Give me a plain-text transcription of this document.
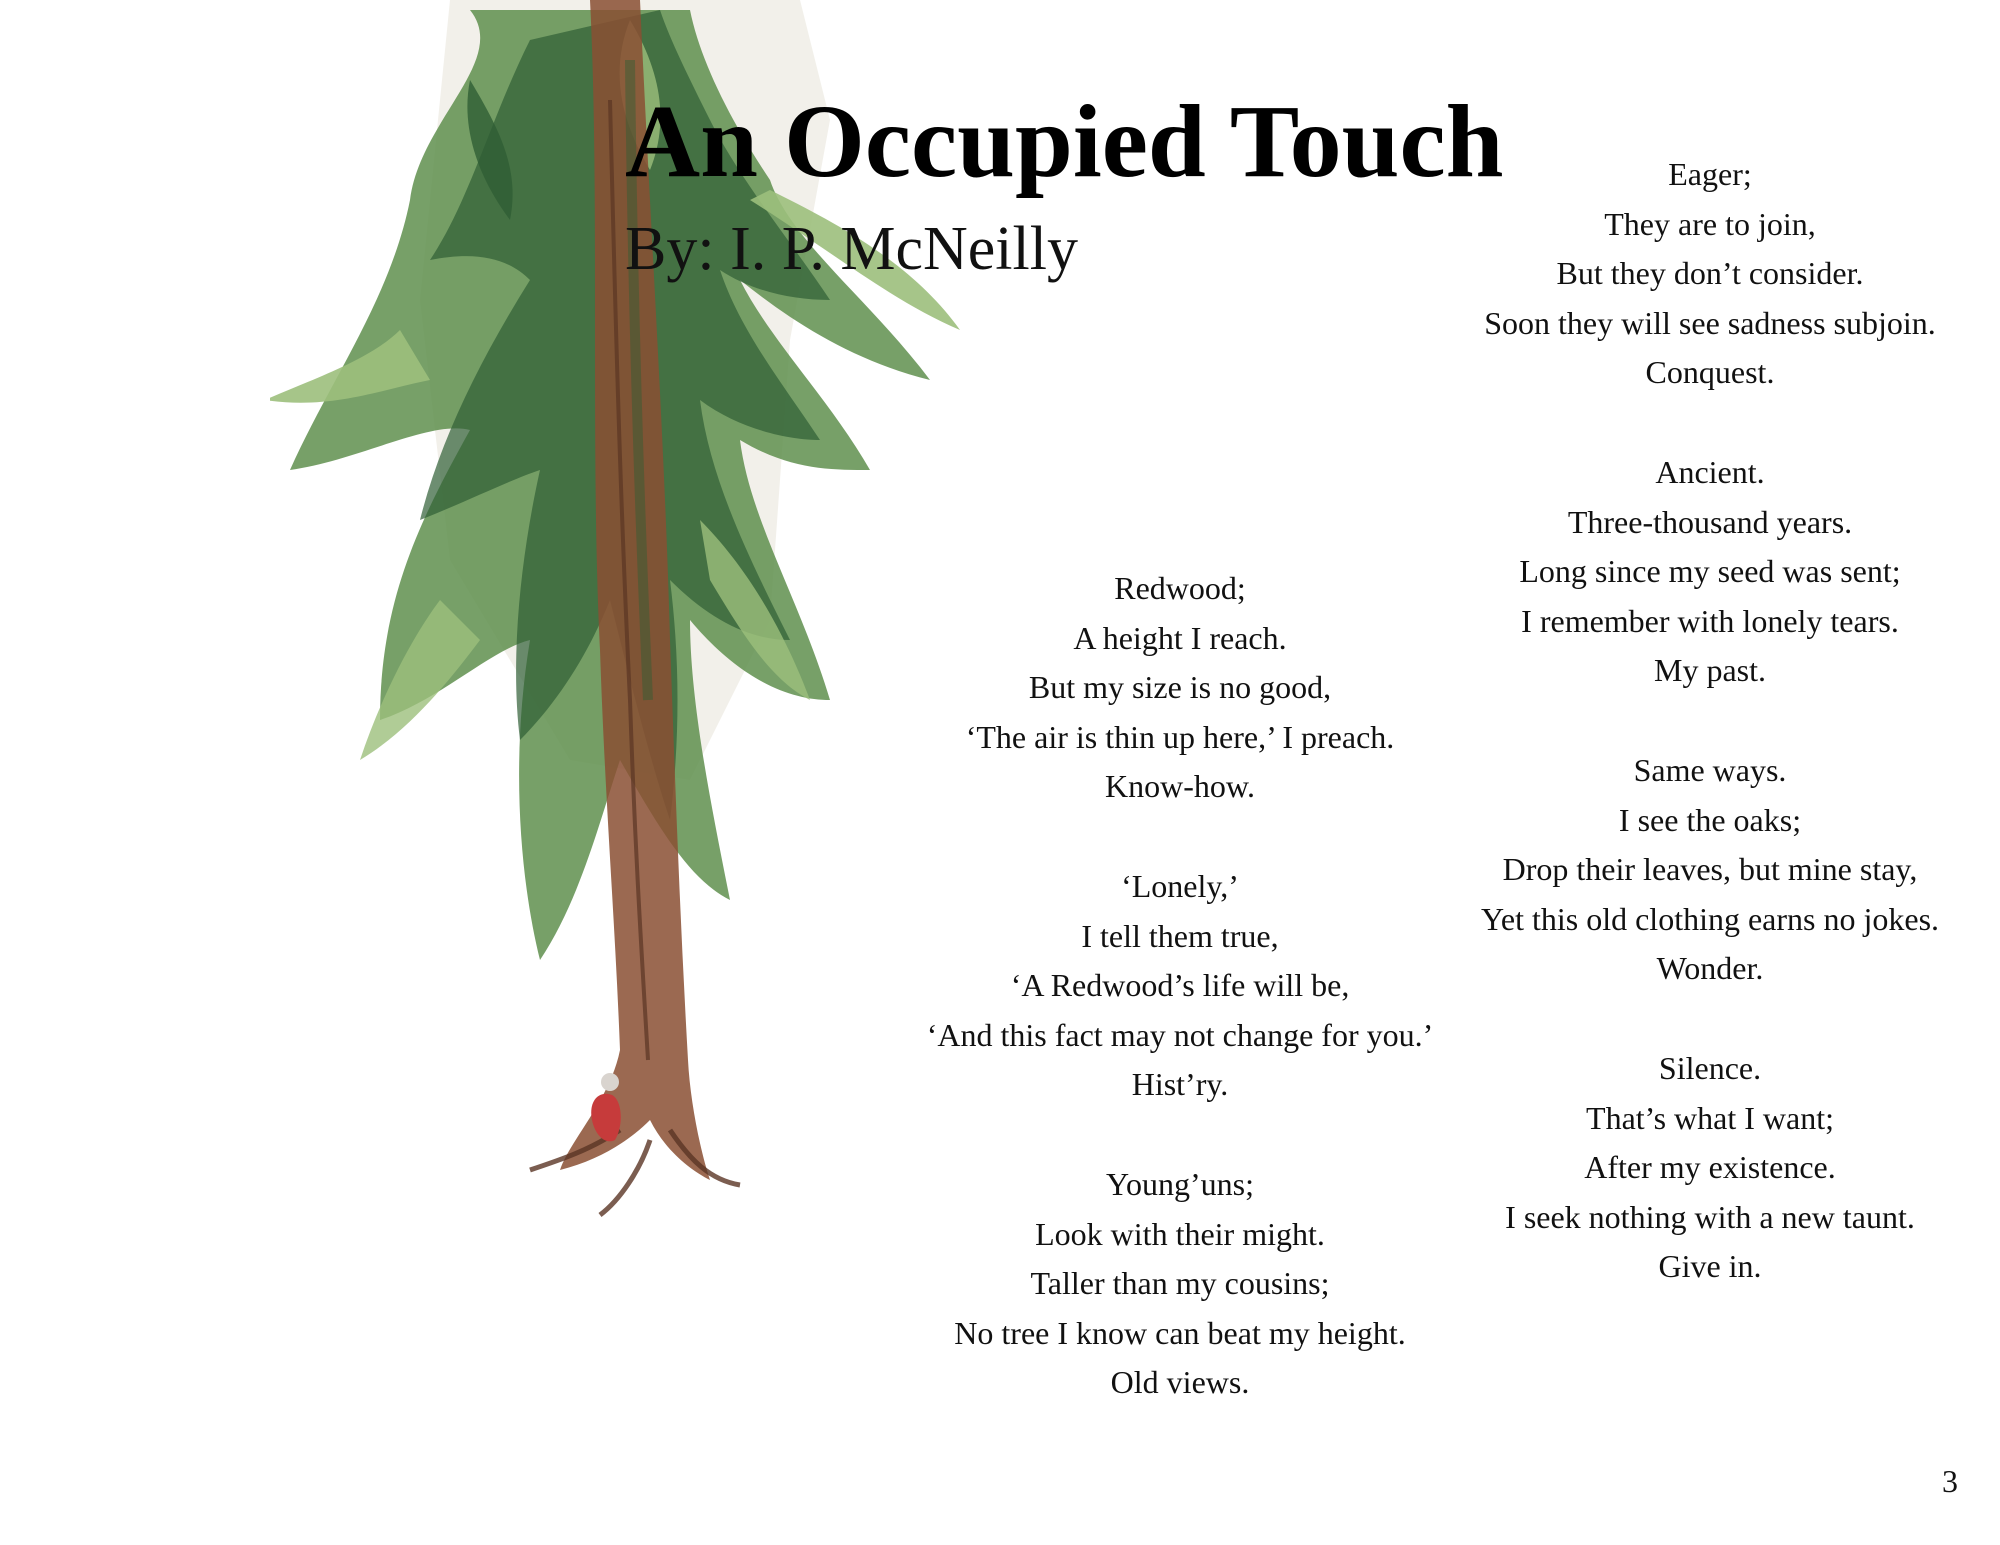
An Occupied Touch
By: I. P. McNeilly
Redwood;
A height I reach.
But my size is no good,
‘The air is thin up here,’ I preach.
Know-how.
‘Lonely,’
I tell them true,
‘A Redwood’s life will be,
‘And this fact may not change for you.’
Hist’ry.
Young’uns;
Look with their might.
Taller than my cousins;
No tree I know can beat my height.
Old views.
Eager;
They are to join,
But they don’t consider.
Soon they will see sadness subjoin.
Conquest.
Ancient.
Three-thousand years.
Long since my seed was sent;
I remember with lonely tears.
My past.
Same ways.
I see the oaks;
Drop their leaves, but mine stay,
Yet this old clothing earns no jokes.
Wonder.
Silence.
That’s what I want;
After my existence.
I seek nothing with a new taunt.
Give in.
3
